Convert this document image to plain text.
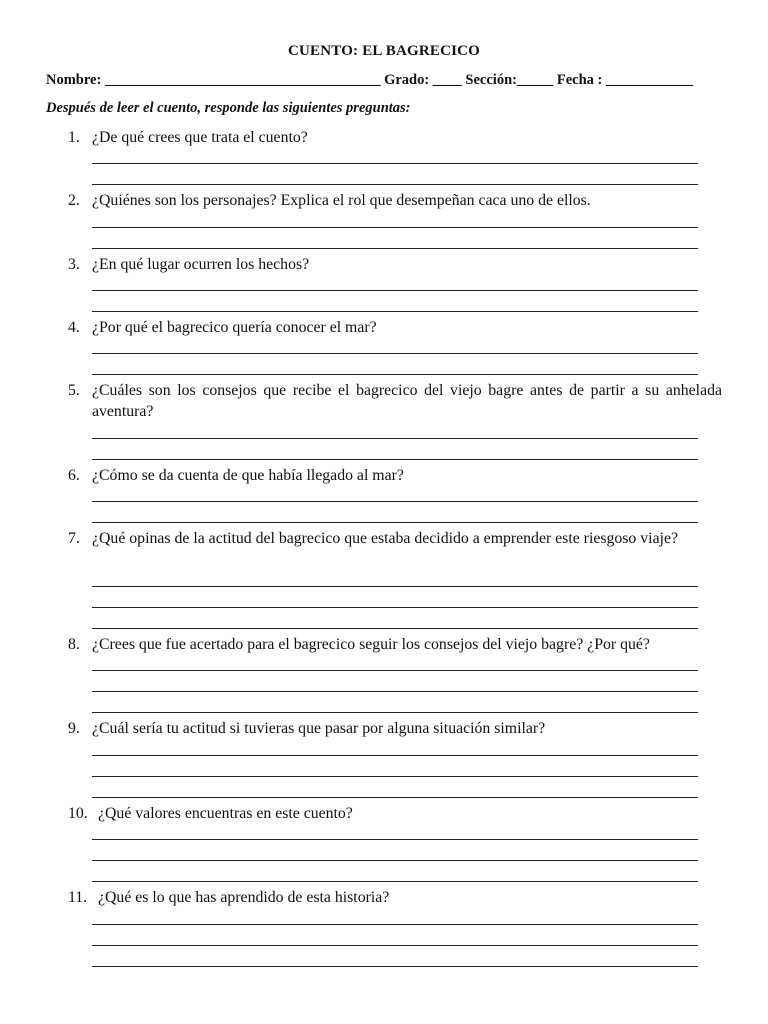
CUENTO: EL BAGRECICO
Nombre: ______________________________________ Grado: ____ Sección:_____ Fecha : ____________
Después de leer el cuento, responde las siguientes preguntas:
1. ¿De qué crees que trata el cuento?
2. ¿Quiénes son los personajes? Explica el rol que desempeñan caca uno de ellos.
3. ¿En qué lugar ocurren los hechos?
4. ¿Por qué el bagrecico quería conocer el mar?
5. ¿Cuáles son los consejos que recibe el bagrecico del viejo bagre antes de partir a su anhelada aventura?
6. ¿Cómo se da cuenta de que había llegado al mar?
7. ¿Qué opinas de la actitud del bagrecico que estaba decidido a emprender este riesgoso viaje?
8. ¿Crees que fue acertado para el bagrecico seguir los consejos del viejo bagre? ¿Por qué?
9. ¿Cuál sería tu actitud si tuvieras que pasar por alguna situación similar?
10. ¿Qué valores encuentras en este cuento?
11. ¿Qué es lo que has aprendido de esta historia?
